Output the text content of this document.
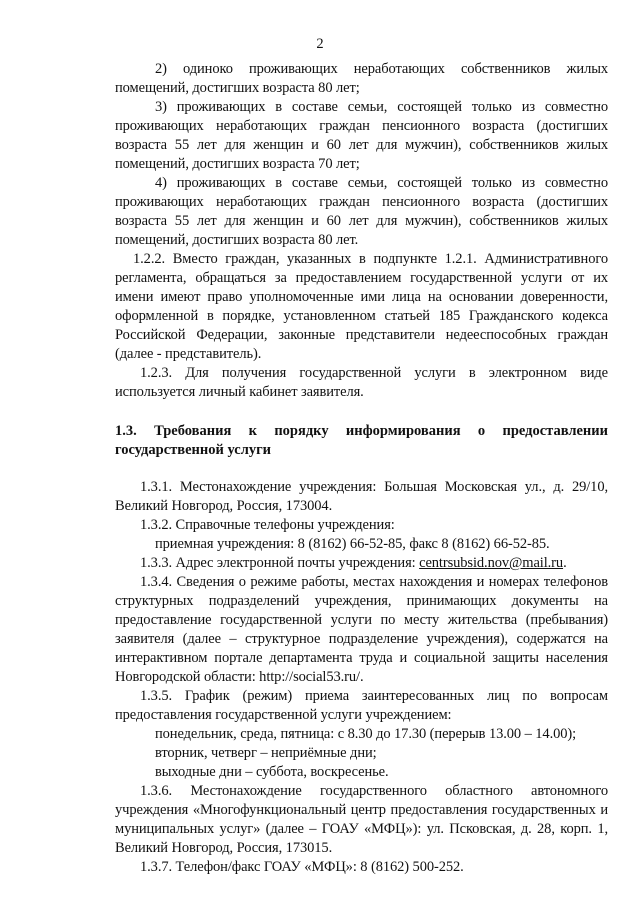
2

2) одиноко проживающих неработающих собственников жилых помещений, достигших возраста 80 лет;

3) проживающих в составе семьи, состоящей только из совместно проживающих неработающих граждан пенсионного возраста (достигших возраста 55 лет для женщин и 60 лет для мужчин), собственников жилых помещений, достигших возраста 70 лет;

4) проживающих в составе семьи, состоящей только из совместно проживающих неработающих граждан пенсионного возраста (достигших возраста 55 лет для женщин и 60 лет для мужчин), собственников жилых помещений, достигших возраста 80 лет.

1.2.2. Вместо граждан, указанных в подпункте 1.2.1. Административного регламента, обращаться за предоставлением государственной услуги от их имени имеют право уполномоченные ими лица на основании доверенности, оформленной в порядке, установленном статьей 185 Гражданского кодекса Российской Федерации, законные представители недееспособных граждан (далее - представитель).

1.2.3. Для получения государственной услуги в электронном виде используется личный кабинет заявителя.

1.3. Требования к порядку информирования о предоставлении государственной услуги

1.3.1. Местонахождение учреждения: Большая Московская ул., д. 29/10, Великий Новгород, Россия, 173004.

1.3.2. Справочные телефоны учреждения:

приемная учреждения: 8 (8162) 66-52-85, факс 8 (8162) 66-52-85.

1.3.3. Адрес электронной почты учреждения: centrsubsid.nov@mail.ru.

1.3.4. Сведения о режиме работы, местах нахождения и номерах телефонов структурных подразделений учреждения, принимающих документы на предоставление государственной услуги по месту жительства (пребывания) заявителя (далее – структурное подразделение учреждения), содержатся на интерактивном портале департамента труда и социальной защиты населения Новгородской области: http://social53.ru/.

1.3.5. График (режим) приема заинтересованных лиц по вопросам предоставления государственной услуги учреждением:

понедельник, среда, пятница: с 8.30 до 17.30 (перерыв 13.00 – 14.00);

вторник, четверг – неприёмные дни;

выходные дни – суббота, воскресенье.

1.3.6. Местонахождение государственного областного автономного учреждения «Многофункциональный центр предоставления государственных и муниципальных услуг» (далее – ГОАУ «МФЦ»): ул. Псковская, д. 28, корп. 1, Великий Новгород, Россия, 173015.

1.3.7. Телефон/факс ГОАУ «МФЦ»: 8 (8162) 500-252.
